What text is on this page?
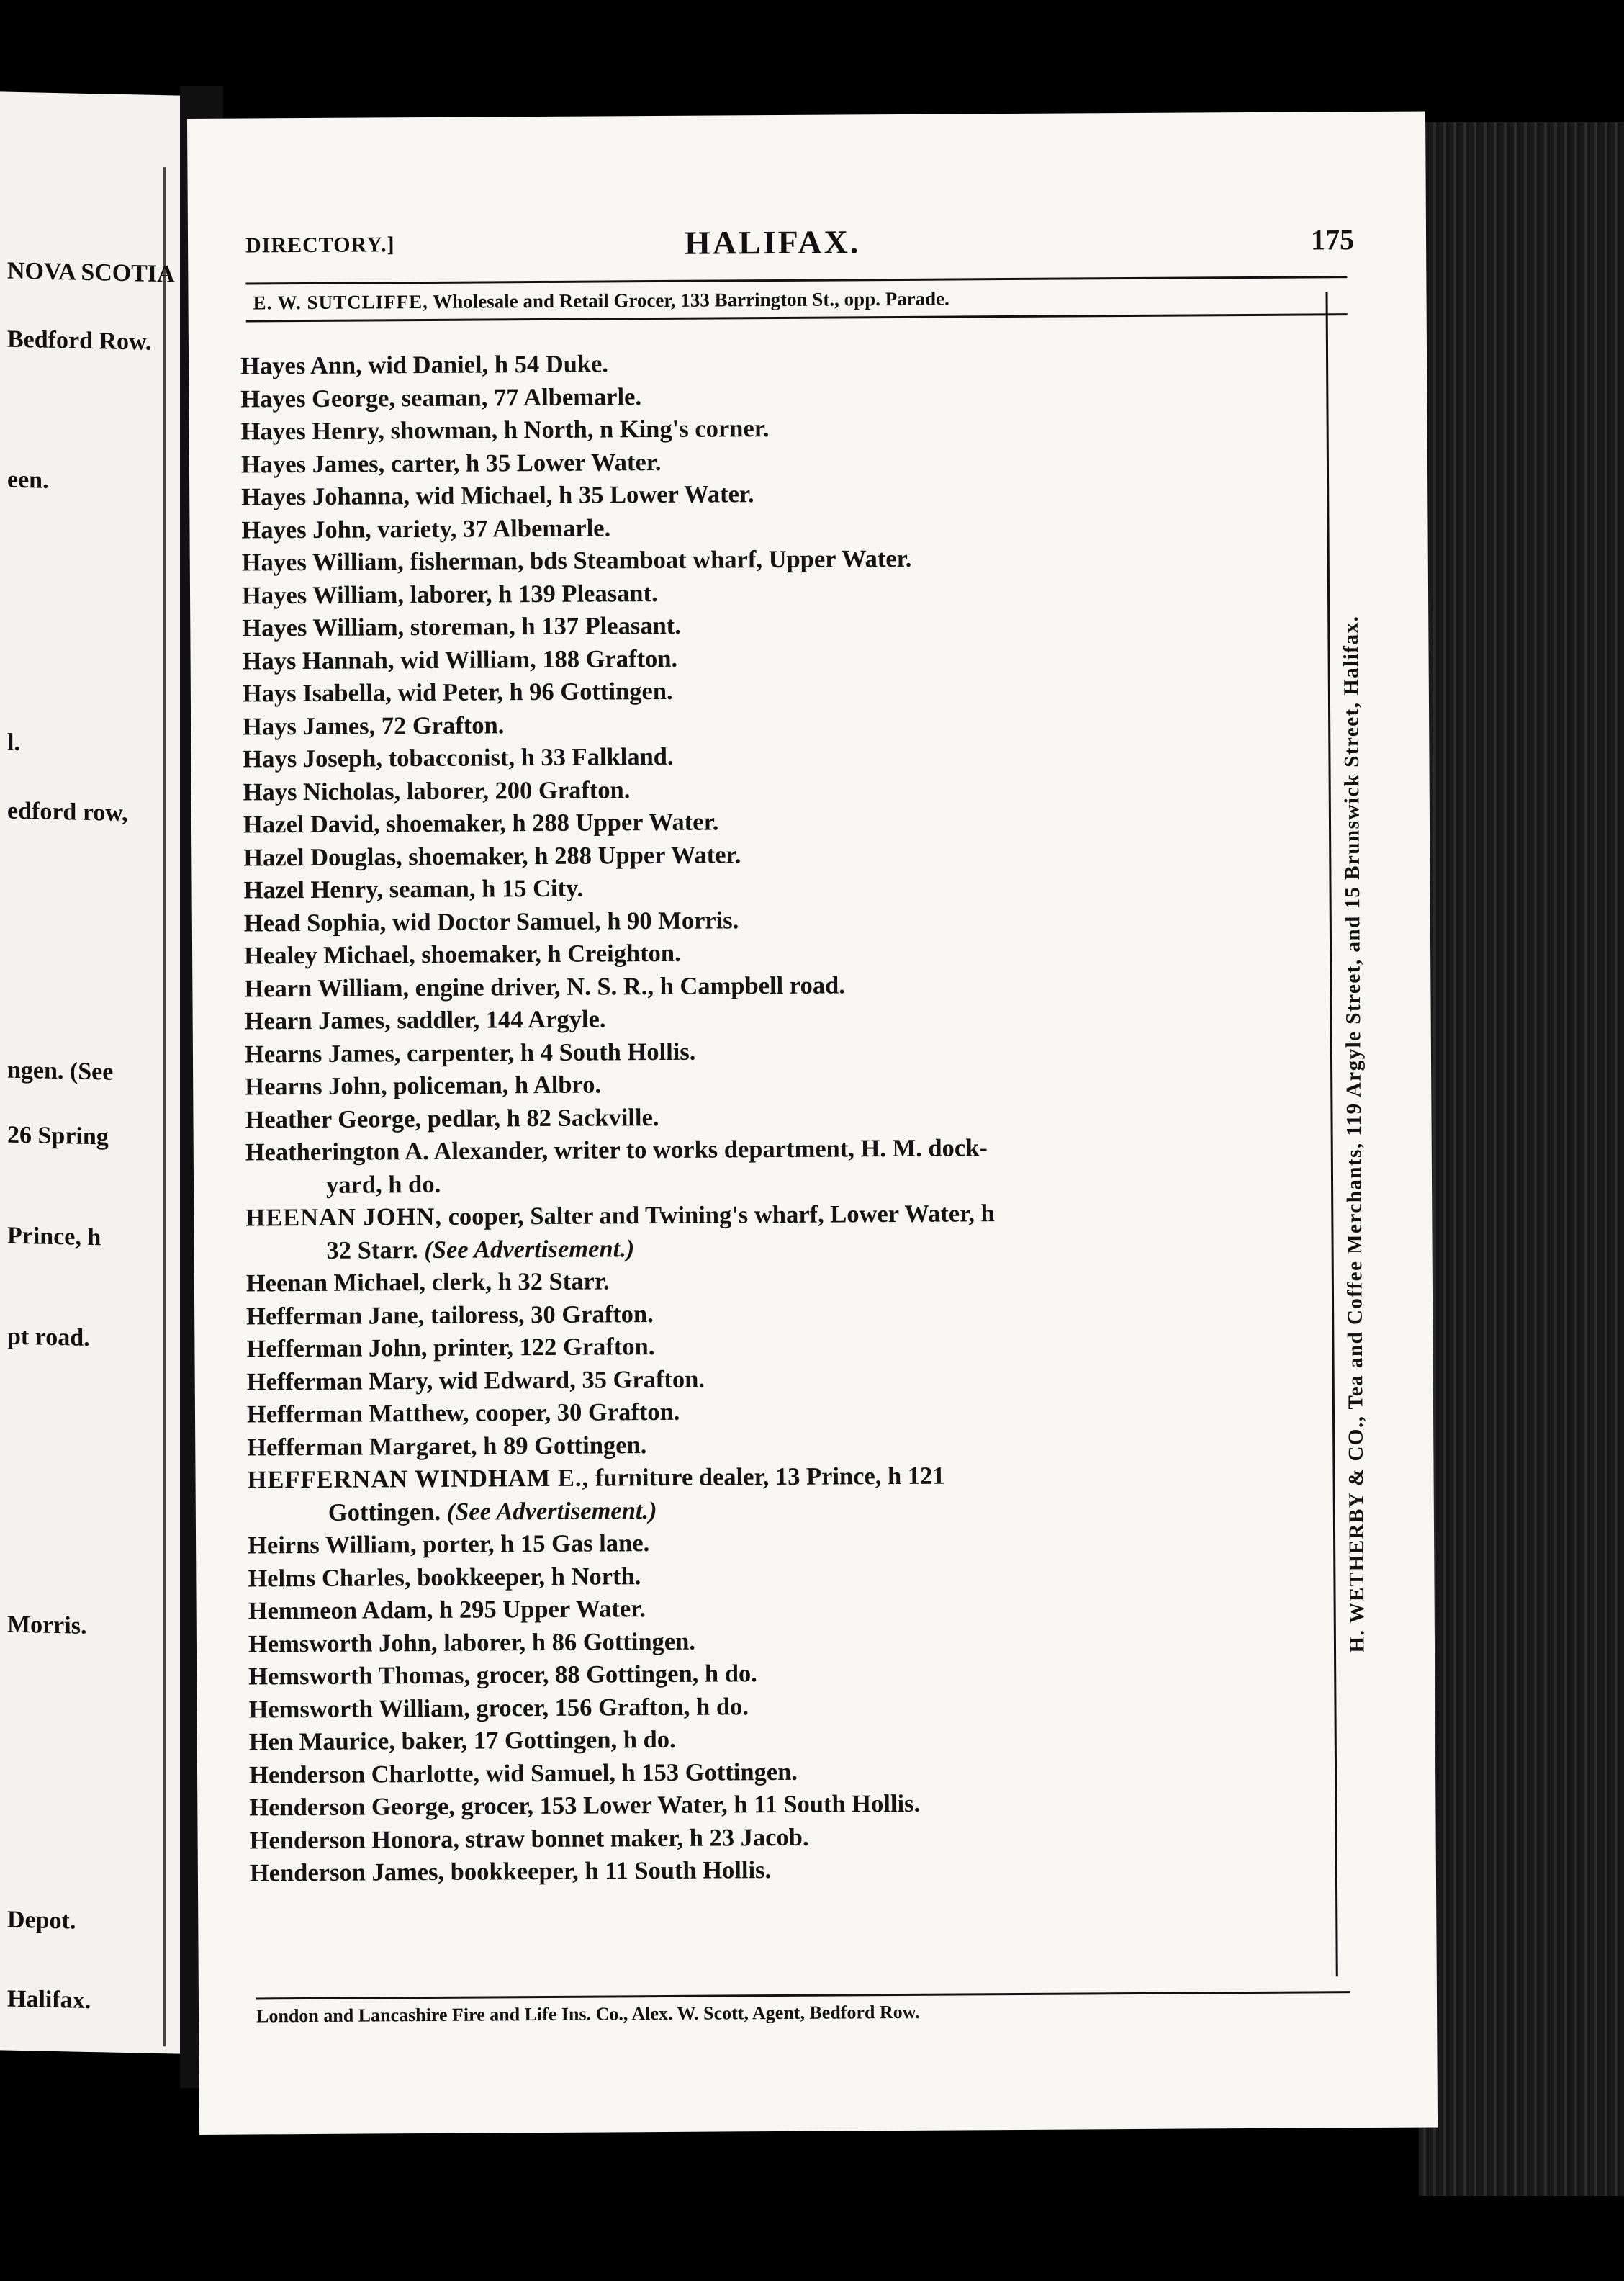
NOVA SCOTIA
Bedford Row.
een.
l.
edford row,
ngen. (See
26 Spring
Prince, h
pt road.
Morris.
Depot.
Halifax.
DIRECTORY.]	HALIFAX.	175
E. W. SUTCLIFFE, Wholesale and Retail Grocer, 133 Barrington St., opp. Parade.
Hayes Ann, wid Daniel, h 54 Duke.
Hayes George, seaman, 77 Albemarle.
Hayes Henry, showman, h North, n King's corner.
Hayes James, carter, h 35 Lower Water.
Hayes Johanna, wid Michael, h 35 Lower Water.
Hayes John, variety, 37 Albemarle.
Hayes William, fisherman, bds Steamboat wharf, Upper Water.
Hayes William, laborer, h 139 Pleasant.
Hayes William, storeman, h 137 Pleasant.
Hays Hannah, wid William, 188 Grafton.
Hays Isabella, wid Peter, h 96 Gottingen.
Hays James, 72 Grafton.
Hays Joseph, tobacconist, h 33 Falkland.
Hays Nicholas, laborer, 200 Grafton.
Hazel David, shoemaker, h 288 Upper Water.
Hazel Douglas, shoemaker, h 288 Upper Water.
Hazel Henry, seaman, h 15 City.
Head Sophia, wid Doctor Samuel, h 90 Morris.
Healey Michael, shoemaker, h Creighton.
Hearn William, engine driver, N. S. R., h Campbell road.
Hearn James, saddler, 144 Argyle.
Hearns James, carpenter, h 4 South Hollis.
Hearns John, policeman, h Albro.
Heather George, pedlar, h 82 Sackville.
Heatherington A. Alexander, writer to works department, H. M. dock-
yard, h do.
HEENAN JOHN, cooper, Salter and Twining's wharf, Lower Water, h
32 Starr. (See Advertisement.)
Heenan Michael, clerk, h 32 Starr.
Hefferman Jane, tailoress, 30 Grafton.
Hefferman John, printer, 122 Grafton.
Hefferman Mary, wid Edward, 35 Grafton.
Hefferman Matthew, cooper, 30 Grafton.
Hefferman Margaret, h 89 Gottingen.
HEFFERNAN WINDHAM E., furniture dealer, 13 Prince, h 121
Gottingen. (See Advertisement.)
Heirns William, porter, h 15 Gas lane.
Helms Charles, bookkeeper, h North.
Hemmeon Adam, h 295 Upper Water.
Hemsworth John, laborer, h 86 Gottingen.
Hemsworth Thomas, grocer, 88 Gottingen, h do.
Hemsworth William, grocer, 156 Grafton, h do.
Hen Maurice, baker, 17 Gottingen, h do.
Henderson Charlotte, wid Samuel, h 153 Gottingen.
Henderson George, grocer, 153 Lower Water, h 11 South Hollis.
Henderson Honora, straw bonnet maker, h 23 Jacob.
Henderson James, bookkeeper, h 11 South Hollis.
H. WETHERBY & CO., Tea and Coffee Merchants, 119 Argyle Street, and 15 Brunswick Street, Halifax.
London and Lancashire Fire and Life Ins. Co., Alex. W. Scott, Agent, Bedford Row.
